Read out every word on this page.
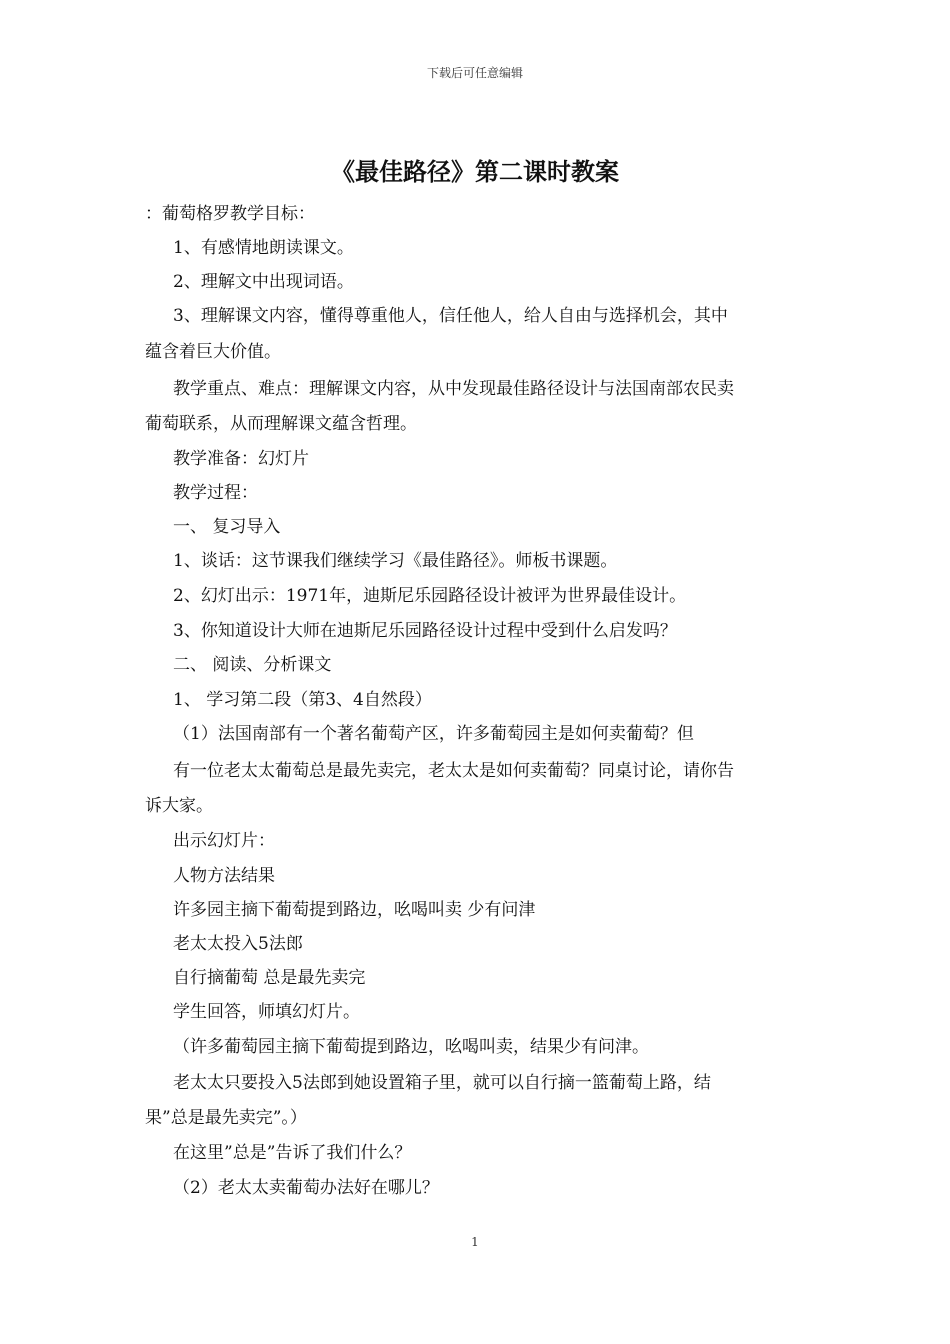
下载后可任意编辑
《最佳路径》第二课时教案
：葡萄格罗教学目标：
1、有感情地朗读课文。
2、理解文中出现词语。
3、理解课文内容，懂得尊重他人，信任他人，给人自由与选择机会，其中
蕴含着巨大价值。
教学重点、难点：理解课文内容，从中发现最佳路径设计与法国南部农民卖
葡萄联系，从而理解课文蕴含哲理。
教学准备：幻灯片
教学过程：
一、 复习导入
1、谈话：这节课我们继续学习《最佳路径》。师板书课题。
2、幻灯出示：1971年，迪斯尼乐园路径设计被评为世界最佳设计。
3、你知道设计大师在迪斯尼乐园路径设计过程中受到什么启发吗？
二、 阅读、分析课文
1、 学习第二段（第3、4自然段）
（1）法国南部有一个著名葡萄产区，许多葡萄园主是如何卖葡萄？但
有一位老太太葡萄总是最先卖完，老太太是如何卖葡萄？同桌讨论，请你告
诉大家。
出示幻灯片：
人物方法结果
许多园主摘下葡萄提到路边，吆喝叫卖 少有问津
老太太投入5法郎
自行摘葡萄 总是最先卖完
学生回答，师填幻灯片。
（许多葡萄园主摘下葡萄提到路边，吆喝叫卖，结果少有问津。
老太太只要投入5法郎到她设置箱子里，就可以自行摘一篮葡萄上路，结
果”总是最先卖完”。）
在这里”总是”告诉了我们什么？
（2）老太太卖葡萄办法好在哪儿？
1
